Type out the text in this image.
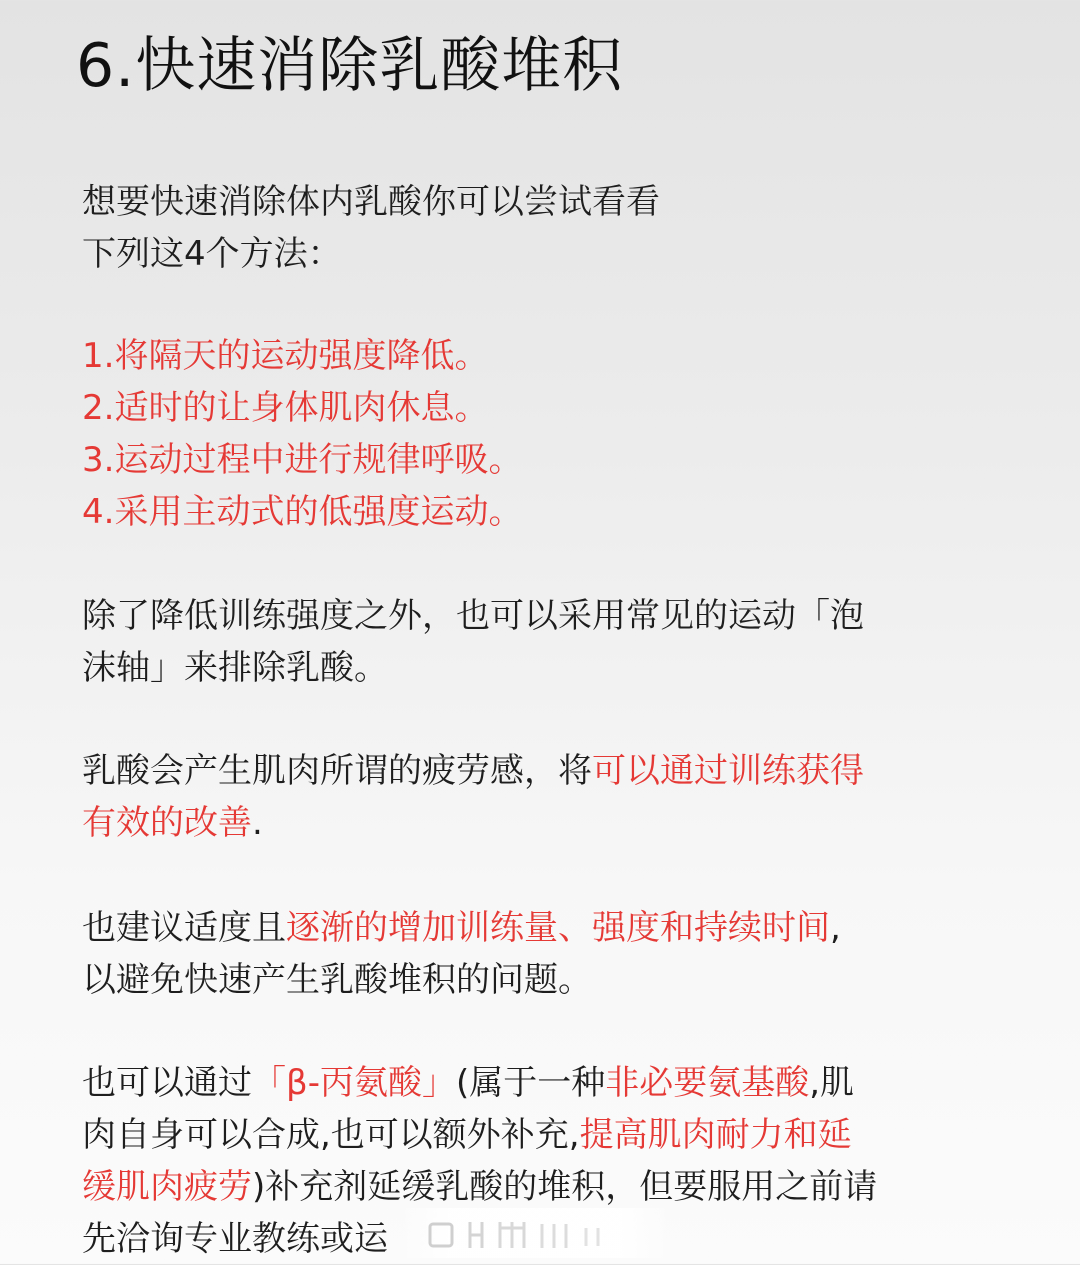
6.快速消除乳酸堆积

想要快速消除体内乳酸你可以尝试看看
下列这4个方法：

1.将隔天的运动强度降低。
2.适时的让身体肌肉休息。
3.运动过程中进行规律呼吸。
4.采用主动式的低强度运动。

除了降低训练强度之外，也可以采用常见的运动「泡
沫轴」来排除乳酸。

乳酸会产生肌肉所谓的疲劳感，将可以通过训练获得
有效的改善.

也建议适度且逐渐的增加训练量、强度和持续时间,
以避免快速产生乳酸堆积的问题。

也可以通过「β-丙氨酸」(属于一种非必要氨基酸,肌
肉自身可以合成,也可以额外补充,提高肌肉耐力和延
缓肌肉疲劳)补充剂延缓乳酸的堆积，但要服用之前请
先洽询专业教练或运
